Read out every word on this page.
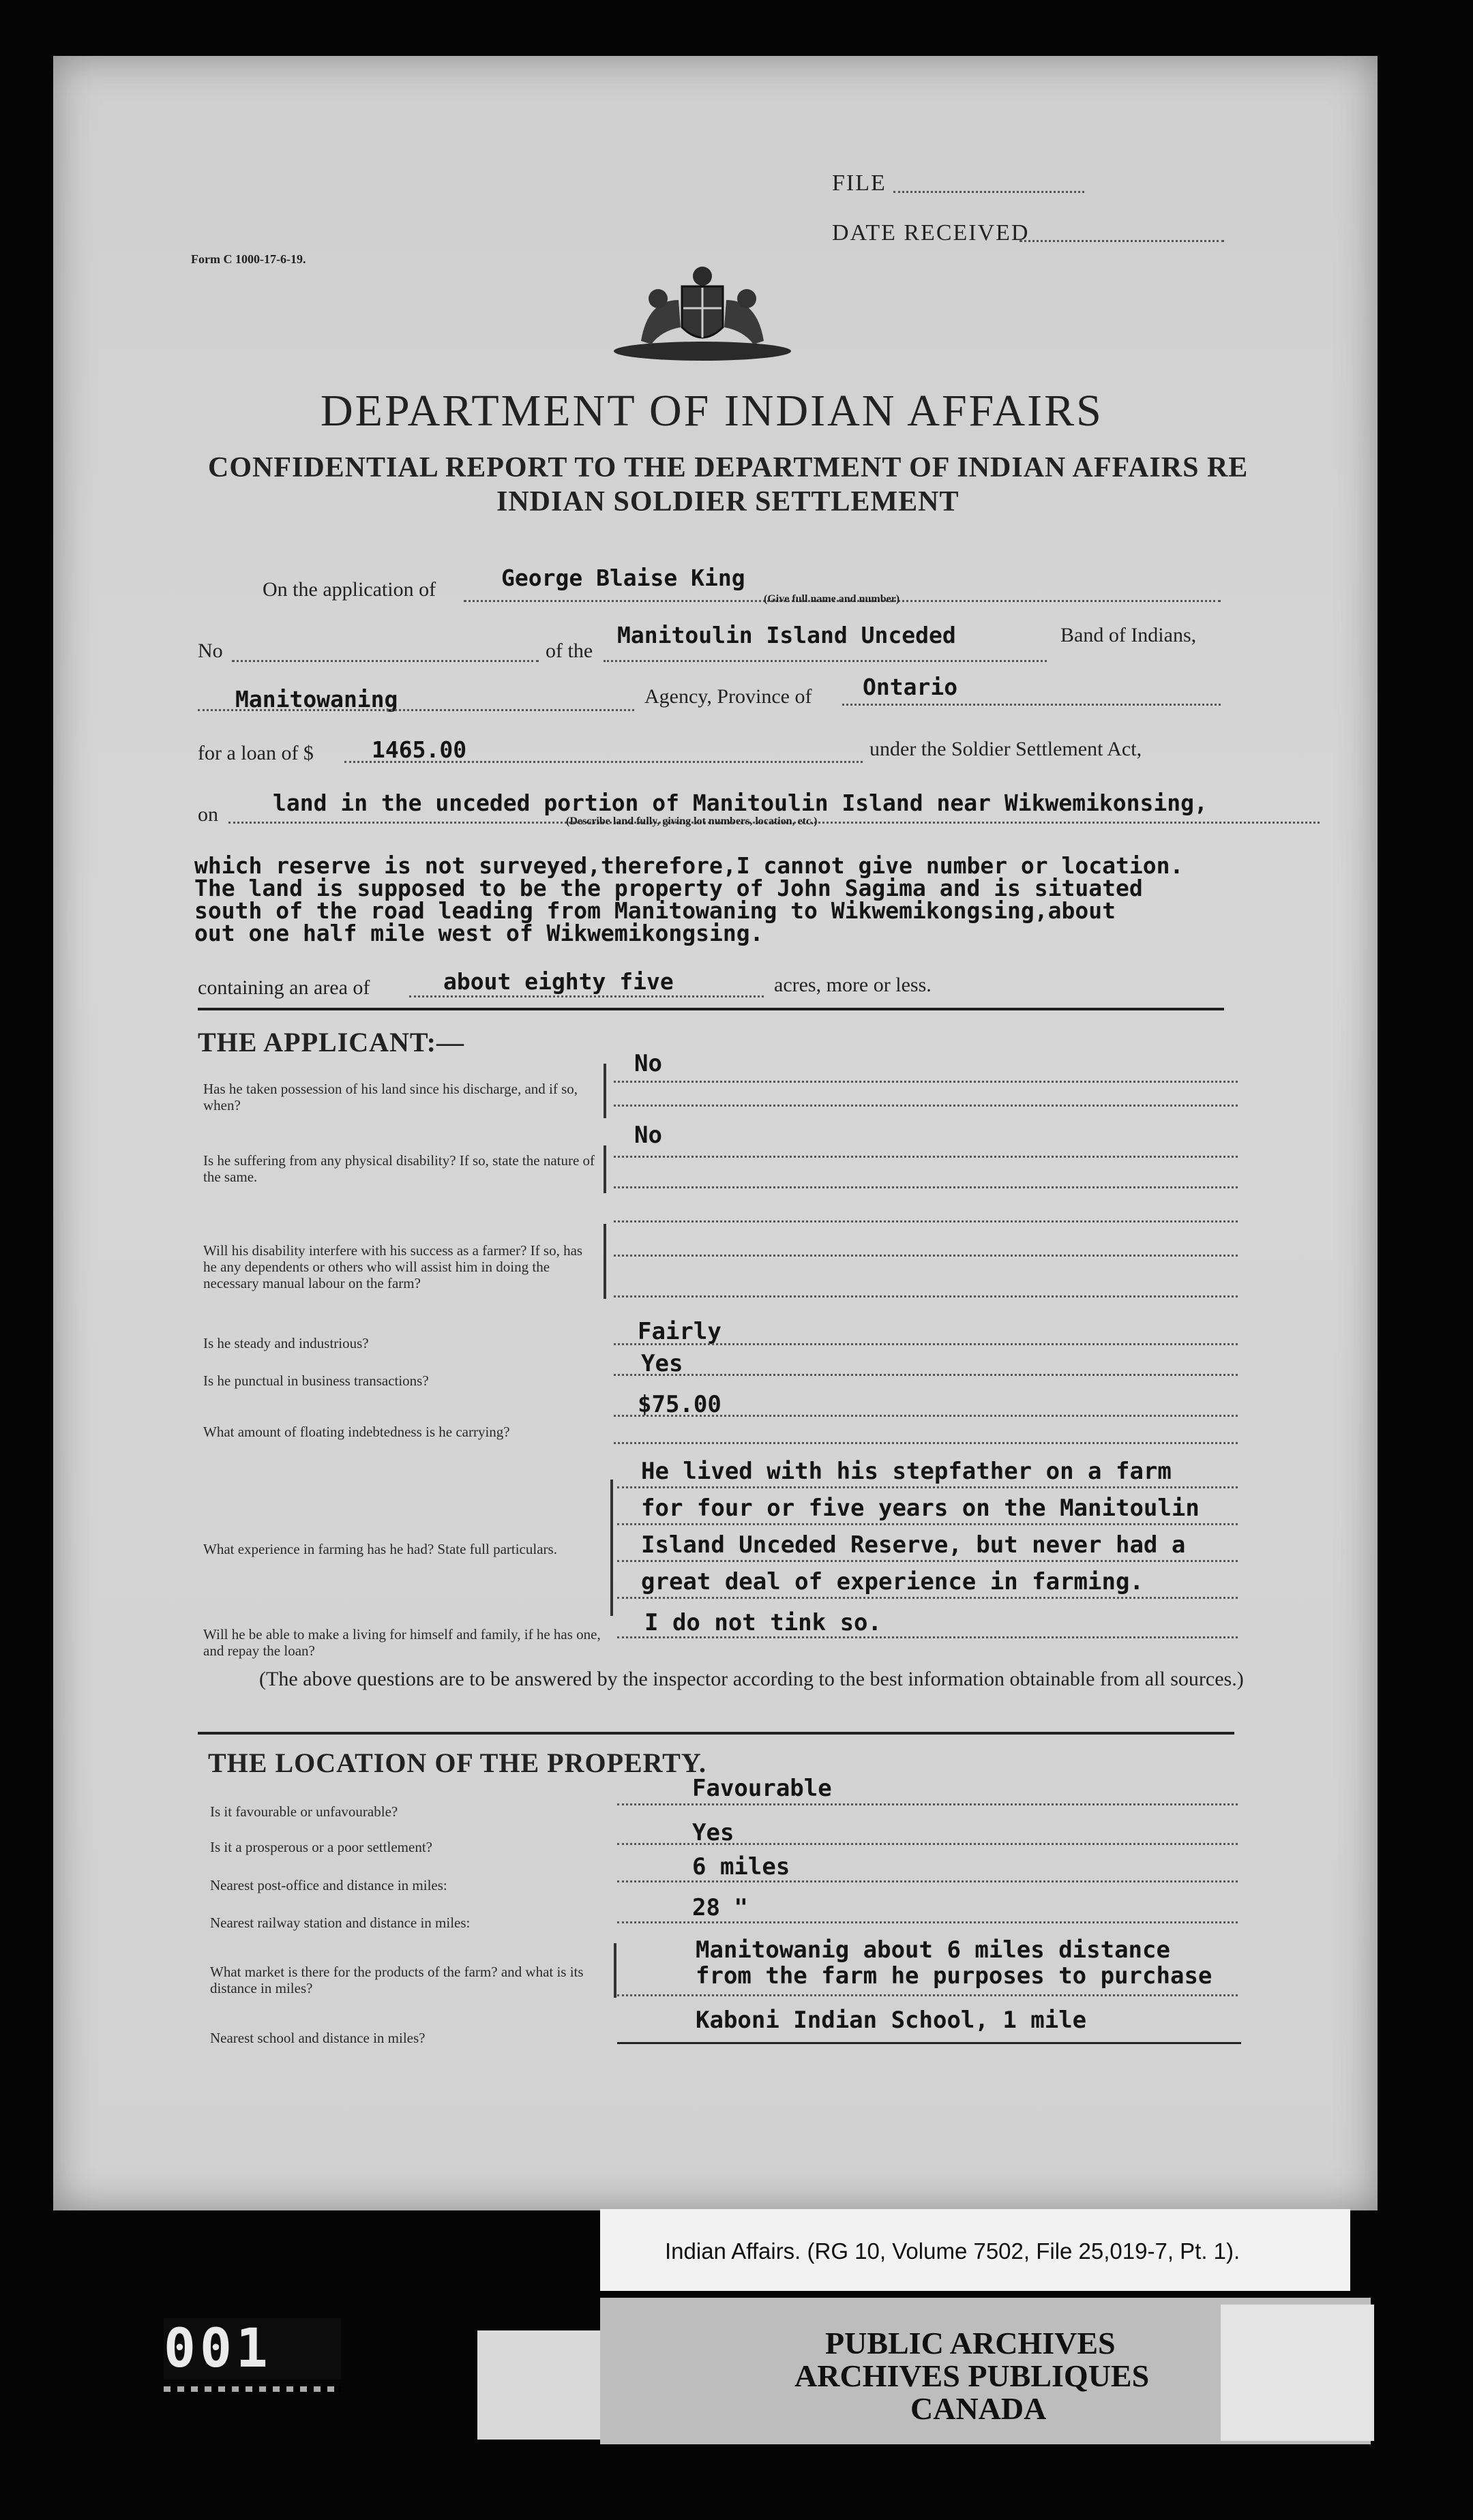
FILE
DATE RECEIVED
Form C 1000-17-6-19.
DEPARTMENT OF INDIAN AFFAIRS
CONFIDENTIAL REPORT TO THE DEPARTMENT OF INDIAN AFFAIRS RE
INDIAN SOLDIER SETTLEMENT
On the application of	George Blaise King
(Give full name and number)
No	of the
Manitoulin Island Unceded	Band of Indians,
Manitowaning	Agency, Province of Ontario
for a loan of $	1465.00	under the Soldier Settlement Act,
on land in the unceded portion of Manitoulin Island near Wikwemikonsing,
(Describe land fully, giving lot numbers, location, etc.)
which reserve is not surveyed,therefore,I cannot give number or location.
The land is supposed to be the property of John Sagima and is situated
south of the road leading from Manitowaning to Wikwemikongsing,about
out one half mile west of Wikwemikongsing.
containing an area of	about eighty five	acres, more or less.
THE APPLICANT:—
Has he taken possession of his land since his discharge, and if so, when?
No
Is he suffering from any physical disability? If so, state the nature of the same.
No
Will his disability interfere with his success as a farmer? If so, has he any dependents or others who will assist him in doing the necessary manual labour on the farm?
Is he steady and industrious?	Fairly
Is he punctual in business transactions?
Yes
What amount of floating indebtedness is he carrying?
$75.00
What experience in farming has he had? State full particulars.
He lived with his stepfather on a farm
for four or five years on the Manitoulin
Island Unceded Reserve, but never had a
great deal of experience in farming.
Will he be able to make a living for himself and family, if he has one, and repay the loan?
I do not tink so.
(The above questions are to be answered by the inspector according to the best information obtainable from all sources.)
THE LOCATION OF THE PROPERTY.
Is it favourable or unfavourable?
Favourable
Is it a prosperous or a poor settlement?
Yes
Nearest post-office and distance in miles:
6 miles
Nearest railway station and distance in miles:
28 "
What market is there for the products of the farm? and what is its distance in miles?
Manitowanig about 6 miles distance
from the farm he purposes to purchase
Nearest school and distance in miles?
Kaboni Indian School, 1 mile
Indian Affairs. (RG 10, Volume 7502, File 25,019-7, Pt. 1).
PUBLIC ARCHIVES
ARCHIVES PUBLIQUES
CANADA
001
